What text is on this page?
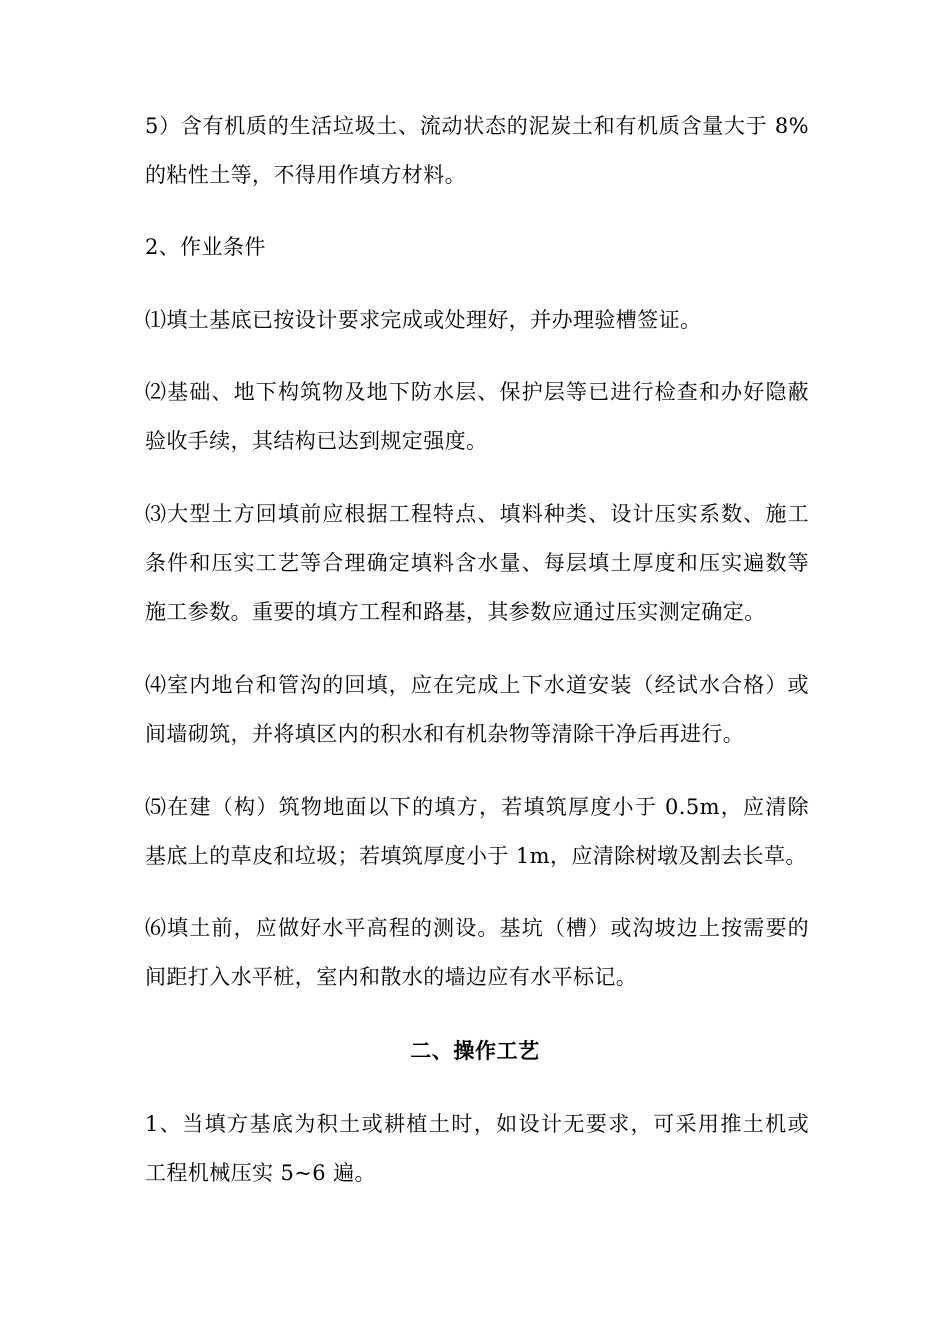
5）含有机质的生活垃圾土、流动状态的泥炭土和有机质含量大于 8%
的粘性土等，不得用作填方材料。
2、作业条件
⑴填土基底已按设计要求完成或处理好，并办理验槽签证。
⑵基础、地下构筑物及地下防水层、保护层等已进行检查和办好隐蔽
验收手续，其结构已达到规定强度。
⑶大型土方回填前应根据工程特点、填料种类、设计压实系数、施工
条件和压实工艺等合理确定填料含水量、每层填土厚度和压实遍数等
施工参数。重要的填方工程和路基，其参数应通过压实测定确定。
⑷室内地台和管沟的回填，应在完成上下水道安装（经试水合格）或
间墙砌筑，并将填区内的积水和有机杂物等清除干净后再进行。
⑸在建（构）筑物地面以下的填方，若填筑厚度小于 0.5m，应清除
基底上的草皮和垃圾；若填筑厚度小于 1m，应清除树墩及割去长草。
⑹填土前，应做好水平高程的测设。基坑（槽）或沟坡边上按需要的
间距打入水平桩，室内和散水的墙边应有水平标记。
二、操作工艺
1、当填方基底为积土或耕植土时，如设计无要求，可采用推土机或
工程机械压实 5~6 遍。
